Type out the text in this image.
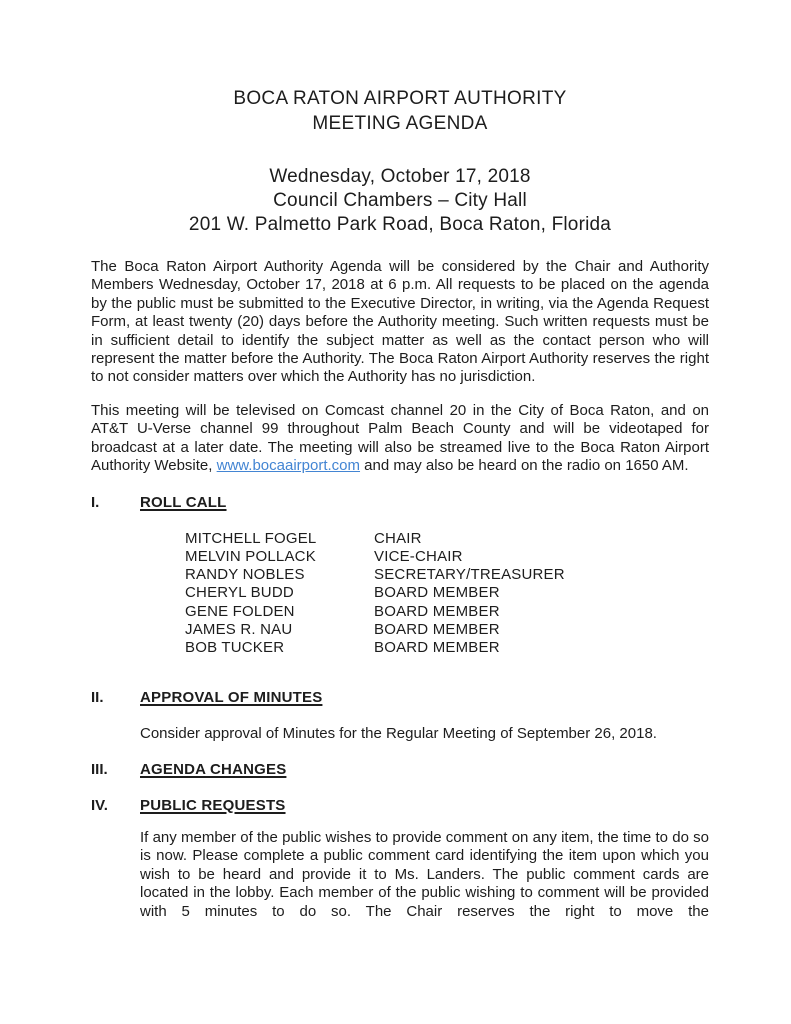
BOCA RATON AIRPORT AUTHORITY
MEETING AGENDA
Wednesday, October 17, 2018
Council Chambers – City Hall
201 W. Palmetto Park Road, Boca Raton, Florida

The Boca Raton Airport Authority Agenda will be considered by the Chair and Authority Members Wednesday, October 17, 2018 at 6 p.m. All requests to be placed on the agenda by the public must be submitted to the Executive Director, in writing, via the Agenda Request Form, at least twenty (20) days before the Authority meeting. Such written requests must be in sufficient detail to identify the subject matter as well as the contact person who will represent the matter before the Authority. The Boca Raton Airport Authority reserves the right to not consider matters over which the Authority has no jurisdiction.

This meeting will be televised on Comcast channel 20 in the City of Boca Raton, and on AT&T U-Verse channel 99 throughout Palm Beach County and will be videotaped for broadcast at a later date. The meeting will also be streamed live to the Boca Raton Airport Authority Website, www.bocaairport.com and may also be heard on the radio on 1650 AM.

I.	ROLL CALL
MITCHELL FOGEL	CHAIR
MELVIN POLLACK	VICE-CHAIR
RANDY NOBLES	SECRETARY/TREASURER
CHERYL BUDD	BOARD MEMBER
GENE FOLDEN	BOARD MEMBER
JAMES R. NAU	BOARD MEMBER
BOB TUCKER	BOARD MEMBER
II.	APPROVAL OF MINUTES

Consider approval of Minutes for the Regular Meeting of September 26, 2018.

III.	AGENDA CHANGES
IV.	PUBLIC REQUESTS

If any member of the public wishes to provide comment on any item, the time to do so is now. Please complete a public comment card identifying the item upon which you wish to be heard and provide it to Ms. Landers. The public comment cards are located in the lobby. Each member of the public wishing to comment will be provided with 5 minutes to do so. The Chair reserves the right to move the
